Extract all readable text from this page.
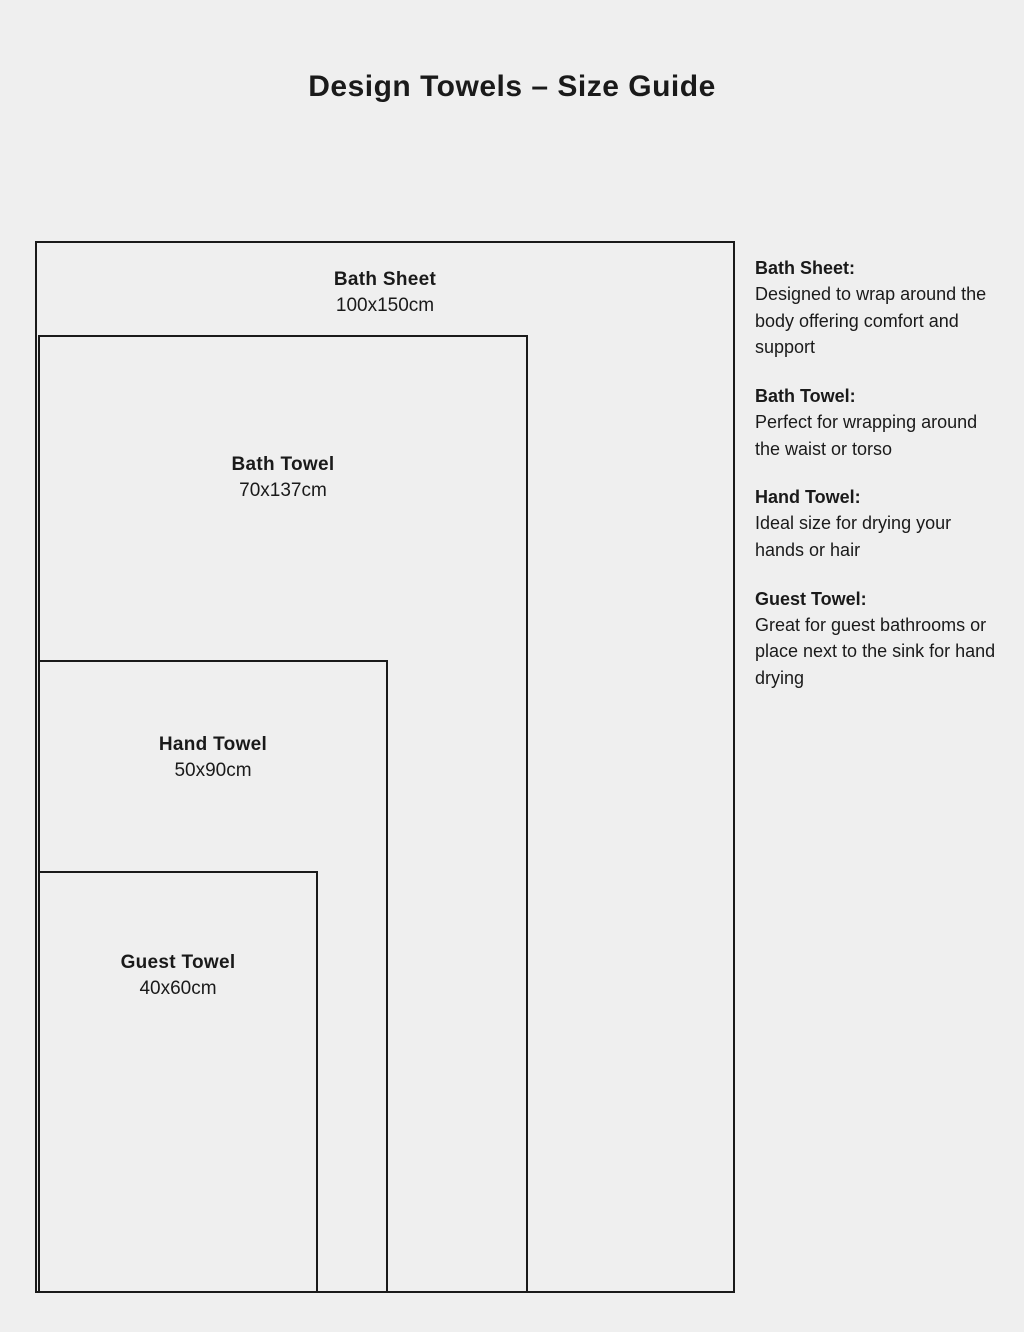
Design Towels – Size Guide
Bath Sheet
100x150cm
Bath Towel
70x137cm
Hand Towel
50x90cm
Guest Towel
40x60cm

Bath Sheet:

Designed to wrap around the body offering comfort and support

Bath Towel:

Perfect for wrapping around the waist or torso

Hand Towel:

Ideal size for drying your hands or hair

Guest Towel:

Great for guest bathrooms or place next to the sink for hand drying
